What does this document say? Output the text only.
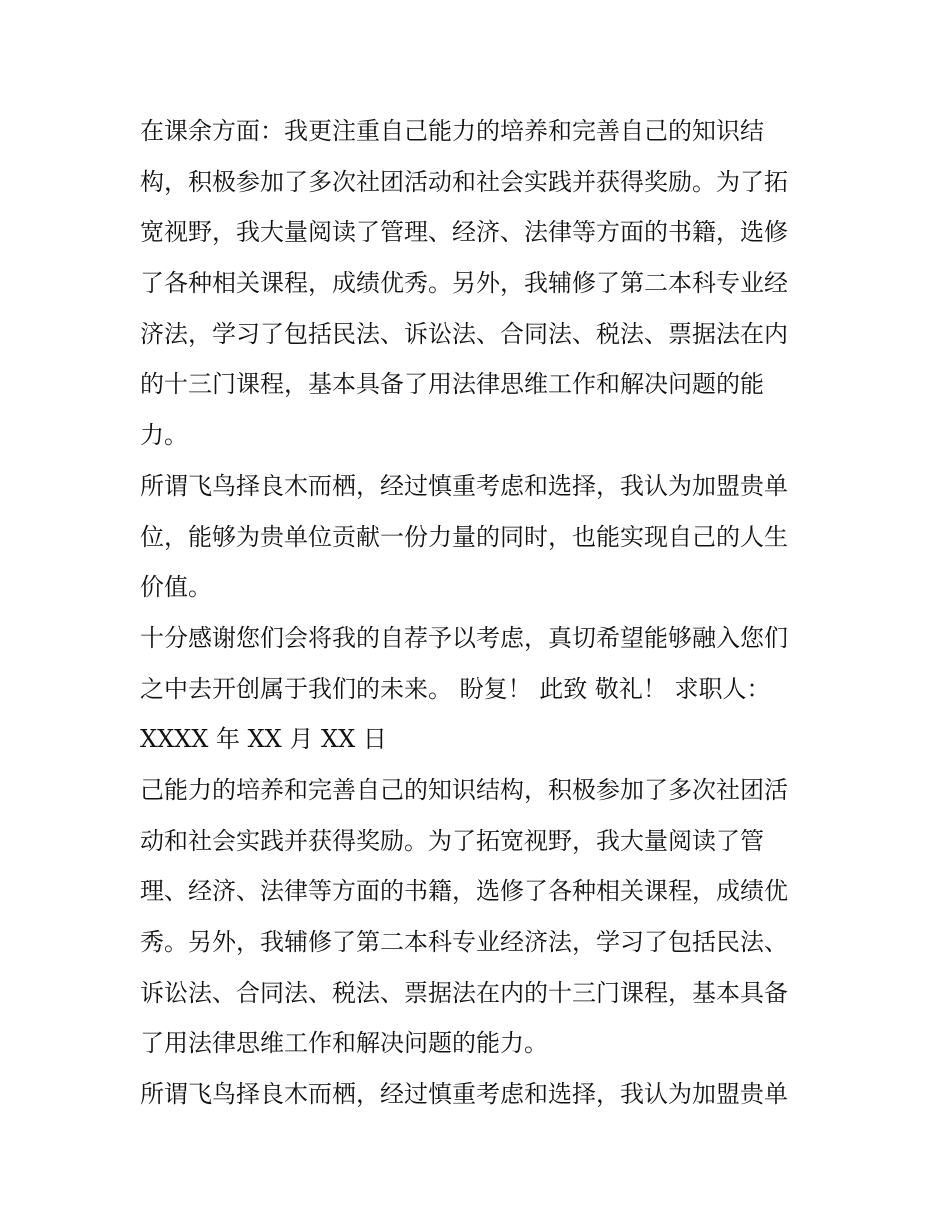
在课余方面：我更注重自己能力的培养和完善自己的知识结
构，积极参加了多次社团活动和社会实践并获得奖励。为了拓
宽视野，我大量阅读了管理、经济、法律等方面的书籍，选修
了各种相关课程，成绩优秀。另外，我辅修了第二本科专业经
济法，学习了包括民法、诉讼法、合同法、税法、票据法在内
的十三门课程，基本具备了用法律思维工作和解决问题的能
力。
所谓飞鸟择良木而栖，经过慎重考虑和选择，我认为加盟贵单
位，能够为贵单位贡献一份力量的同时，也能实现自己的人生
价值。
十分感谢您们会将我的自荐予以考虑，真切希望能够融入您们
之中去开创属于我们的未来。 盼复！ 此致 敬礼！ 求职人：
XXXX 年 XX 月 XX 日
己能力的培养和完善自己的知识结构，积极参加了多次社团活
动和社会实践并获得奖励。为了拓宽视野，我大量阅读了管
理、经济、法律等方面的书籍，选修了各种相关课程，成绩优
秀。另外，我辅修了第二本科专业经济法，学习了包括民法、
诉讼法、合同法、税法、票据法在内的十三门课程，基本具备
了用法律思维工作和解决问题的能力。
所谓飞鸟择良木而栖，经过慎重考虑和选择，我认为加盟贵单
